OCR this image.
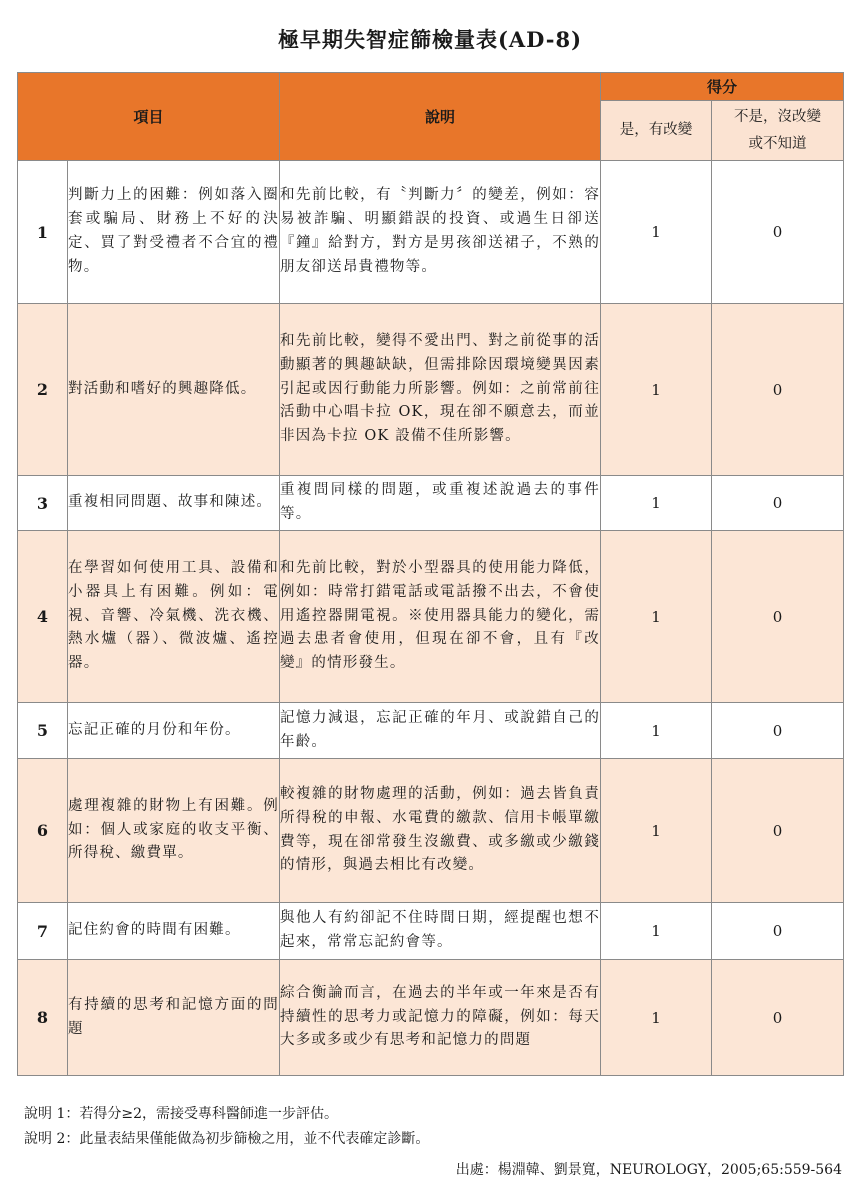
極早期失智症篩檢量表(AD-8)
項目		說明	得分	
			是，有改變	不是，沒改變
或不知道

1	判斷力上的困難：例如落入圈套或騙局、財務上不好的決定、買了對受禮者不合宜的禮物。	和先前比較，有〝判斷力〞的變差，例如：容易被詐騙、明顯錯誤的投資、或過生日卻送『鐘』給對方，對方是男孩卻送裙子，不熟的朋友卻送昂貴禮物等。	1	0
2	對活動和嗜好的興趣降低。	和先前比較，變得不愛出門、對之前從事的活動顯著的興趣缺缺，但需排除因環境變異因素引起或因行動能力所影響。例如：之前常前往活動中心唱卡拉 OK，現在卻不願意去，而並非因為卡拉 OK 設備不佳所影響。	1	0
3	重複相同問題、故事和陳述。	重複問同樣的問題，或重複述說過去的事件等。	1	0
4	在學習如何使用工具、設備和小器具上有困難。例如：電視、音響、冷氣機、洗衣機、熱水爐（器）、微波爐、遙控器。	和先前比較，對於小型器具的使用能力降低，例如：時常打錯電話或電話撥不出去，不會使用遙控器開電視。※使用器具能力的變化，需過去患者會使用，但現在卻不會，且有『改變』的情形發生。	1	0
5	忘記正確的月份和年份。	記憶力減退，忘記正確的年月、或說錯自己的年齡。	1	0
6	處理複雜的財物上有困難。例如：個人或家庭的收支平衡、所得稅、繳費單。	較複雜的財物處理的活動，例如：過去皆負責所得稅的申報、水電費的繳款、信用卡帳單繳費等，現在卻常發生沒繳費、或多繳或少繳錢的情形，與過去相比有改變。	1	0
7	記住約會的時間有困難。	與他人有約卻記不住時間日期，經提醒也想不起來，常常忘記約會等。	1	0
8	有持續的思考和記憶方面的問題	綜合衡論而言，在過去的半年或一年來是否有持續性的思考力或記憶力的障礙，例如：每天大多或多或少有思考和記憶力的問題	1	0
說明 1：若得分≥2，需接受專科醫師進一步評估。
說明 2：此量表結果僅能做為初步篩檢之用，並不代表確定診斷。
出處：楊淵韓、劉景寬，NEUROLOGY，2005;65:559-564
